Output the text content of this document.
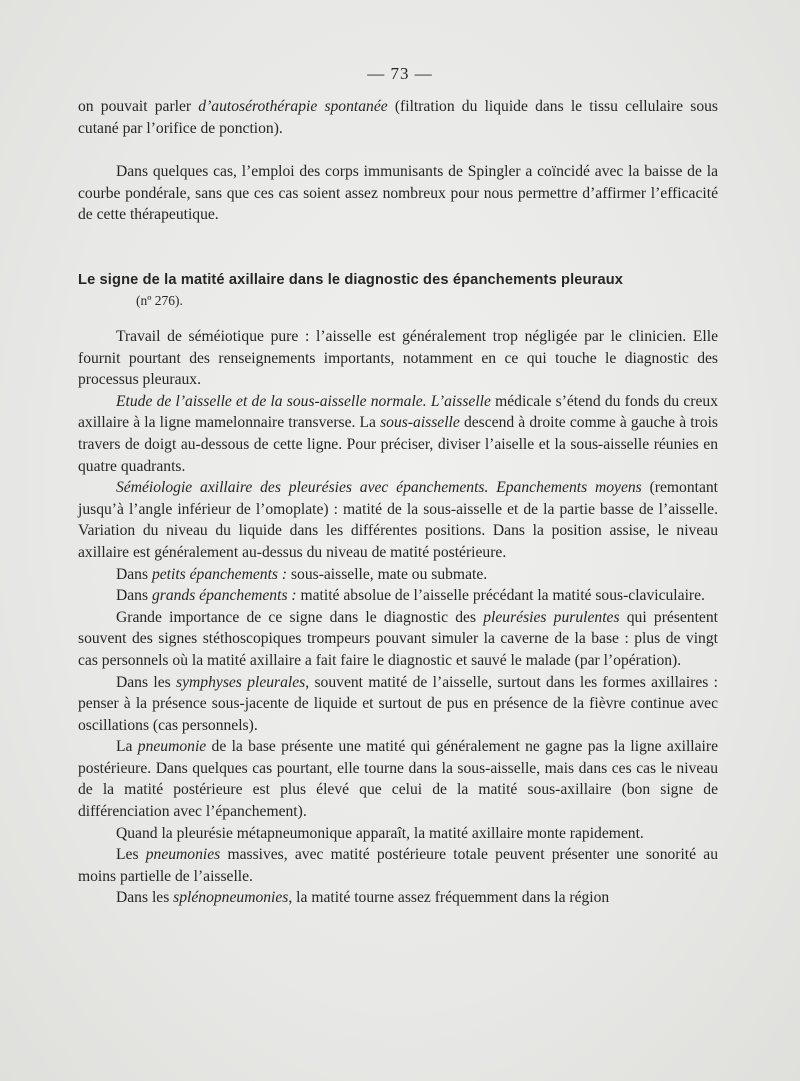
— 73 —

on pouvait parler d’autosérothérapie spontanée (filtration du liquide dans le tissu cellulaire sous cutané par l’orifice de ponction).

Dans quelques cas, l’emploi des corps immunisants de Spingler a coïncidé avec la baisse de la courbe pondérale, sans que ces cas soient assez nombreux pour nous permettre d’affirmer l’efficacité de cette thérapeutique.

Le signe de la matité axillaire dans le diagnostic des épanchements pleuraux

(nº 276).

Travail de séméiotique pure : l’aisselle est généralement trop négligée par le clinicien. Elle fournit pourtant des renseignements importants, notamment en ce qui touche le diagnostic des processus pleuraux.

Etude de l’aisselle et de la sous-aisselle normale. L’aisselle médicale s’étend du fonds du creux axillaire à la ligne mamelonnaire transverse. La sous-aisselle descend à droite comme à gauche à trois travers de doigt au-dessous de cette ligne. Pour préciser, diviser l’aiselle et la sous-aisselle réunies en quatre quadrants.

Séméiologie axillaire des pleurésies avec épanchements. Epanchements moyens (remontant jusqu’à l’angle inférieur de l’omoplate) : matité de la sous-aisselle et de la partie basse de l’aisselle. Variation du niveau du liquide dans les différentes positions. Dans la position assise, le niveau axillaire est généralement au-dessus du niveau de matité postérieure.

Dans petits épanchements : sous-aisselle, mate ou submate.

Dans grands épanchements : matité absolue de l’aisselle précédant la matité sous-claviculaire.

Grande importance de ce signe dans le diagnostic des pleurésies purulentes qui présentent souvent des signes stéthoscopiques trompeurs pouvant simuler la caverne de la base : plus de vingt cas personnels où la matité axillaire a fait faire le diagnostic et sauvé le malade (par l’opération).

Dans les symphyses pleurales, souvent matité de l’aisselle, surtout dans les formes axillaires : penser à la présence sous-jacente de liquide et surtout de pus en présence de la fièvre continue avec oscillations (cas personnels).

La pneumonie de la base présente une matité qui généralement ne gagne pas la ligne axillaire postérieure. Dans quelques cas pourtant, elle tourne dans la sous-aisselle, mais dans ces cas le niveau de la matité postérieure est plus élevé que celui de la matité sous-axillaire (bon signe de différenciation avec l’épanchement).

Quand la pleurésie métapneumonique apparaît, la matité axillaire monte rapidement.

Les pneumonies massives, avec matité postérieure totale peuvent présenter une sonorité au moins partielle de l’aisselle.

Dans les splénopneumonies, la matité tourne assez fréquemment dans la région
